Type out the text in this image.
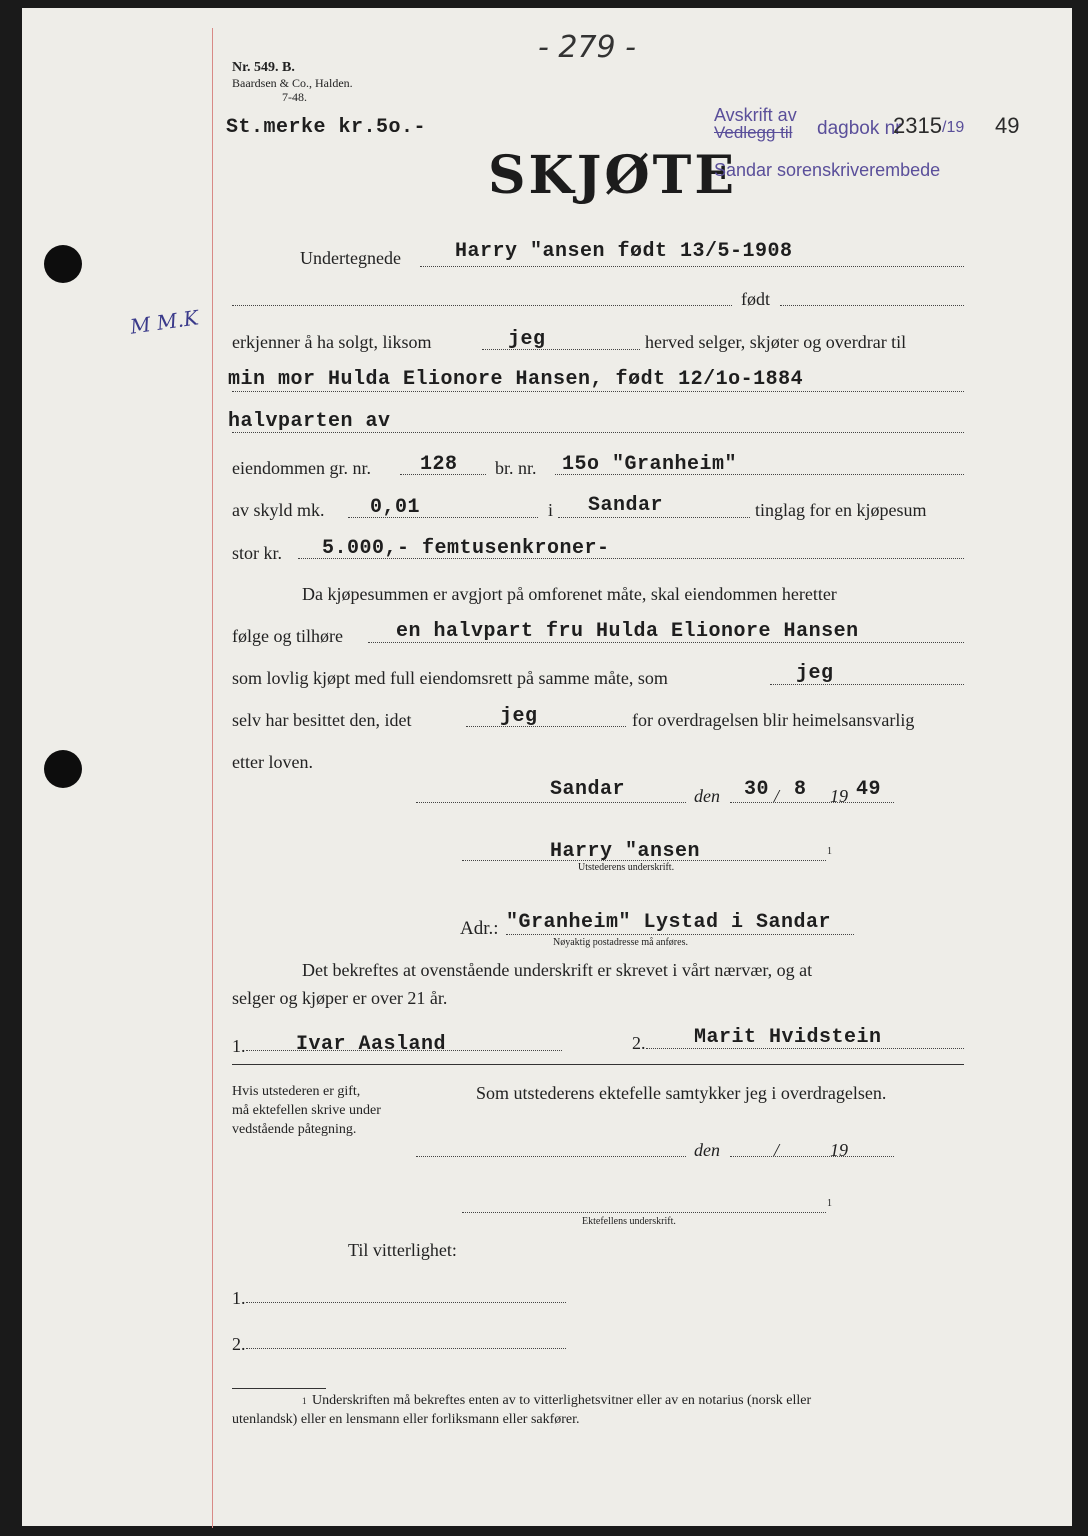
- 279 -
Nr. 549. B.
Baardsen & Co., Halden.
7-48.
St.merke kr.5o.-
SKJØTE
Avskrift av
Vedlegg til dagbok nr
2315 /19 49
Sandar sorenskriverembede
M M.K
Undertegnede	Harry "ansen født 13/5-1908
født
erkjenner å ha solgt, liksom	jeg	herved selger, skjøter og overdrar til
min mor Hulda Elionore Hansen, født 12/1o-1884
halvparten av
eiendommen gr. nr. 128 br. nr. 15o "Granheim"
av skyld mk. 0,01	i Sandar	tinglag for en kjøpesum
stor kr. 5.000,- femtusenkroner-
Da kjøpesummen er avgjort på omforenet måte, skal eiendommen heretter
følge og tilhøre	en halvpart fru Hulda Elionore Hansen
som lovlig kjøpt med full eiendomsrett på samme måte, som	jeg
selv har besittet den, idet	jeg	for overdragelsen blir heimelsansvarlig
etter loven.
Sandar	den 30 / 8 19 49
Harry "ansen	1
Utstederens underskrift.
Adr.: "Granheim" Lystad i Sandar
Nøyaktig postadresse må anføres.
Det bekreftes at ovenstående underskrift er skrevet i vårt nærvær, og at
selger og kjøper er over 21 år.
1.	Ivar Aasland	2. Marit Hvidstein
Hvis utstederen er gift,
må ektefellen skrive under
vedstående påtegning.
Som utstederens ektefelle samtykker jeg i overdragelsen.
den	/	19
1
Ektefellens underskrift.
Til vitterlighet:
1.
2.
1 Underskriften må bekreftes enten av to vitterlighetsvitner eller av en notarius (norsk eller
utenlandsk) eller en lensmann eller forliksmann eller sakfører.
